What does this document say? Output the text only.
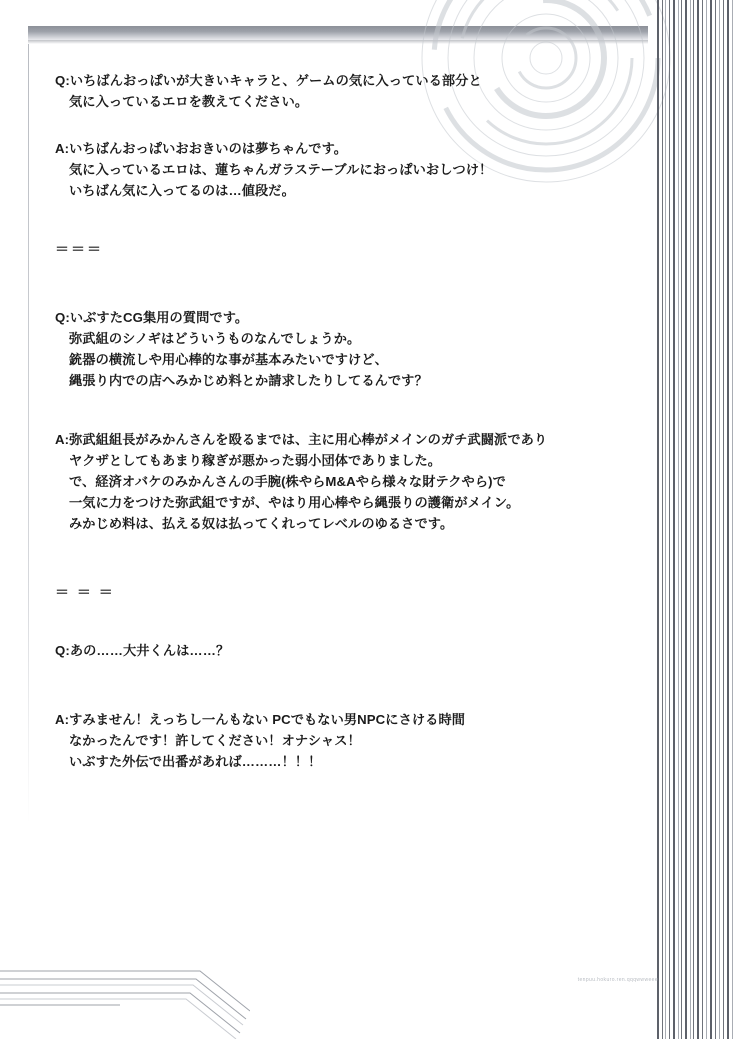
Q:いちばんおっぱいが大きいキャラと、ゲームの気に入っている部分と
気に入っているエロを教えてください。
A:いちばんおっぱいおおきいのは夢ちゃんです。
気に入っているエロは、蓮ちゃんガラステーブルにおっぱいおしつけ！
いちばん気に入ってるのは…値段だ。
＝＝＝
Q:いぶすたCG集用の質問です。
弥武組のシノギはどういうものなんでしょうか。
銃器の横流しや用心棒的な事が基本みたいですけど、
縄張り内での店へみかじめ料とか請求したりしてるんです？
A:弥武組組長がみかんさんを殴るまでは、主に用心棒がメインのガチ武闘派であり
ヤクザとしてもあまり稼ぎが悪かった弱小団体でありました。
で、経済オバケのみかんさんの手腕(株やらM&Aやら様々な財テクやら)で
一気に力をつけた弥武組ですが、やはり用心棒やら縄張りの護衛がメイン。
みかじめ料は、払える奴は払ってくれってレベルのゆるさです。
＝ ＝ ＝
Q:あの……大井くんは……？
A:すみません！えっちし一んもない PCでもない男NPCにさける時間
なかったんです！許してください！オナシャス！
いぶすた外伝で出番があれば………！！！
tenpuu.hokuro.ren.qqqwwweee
